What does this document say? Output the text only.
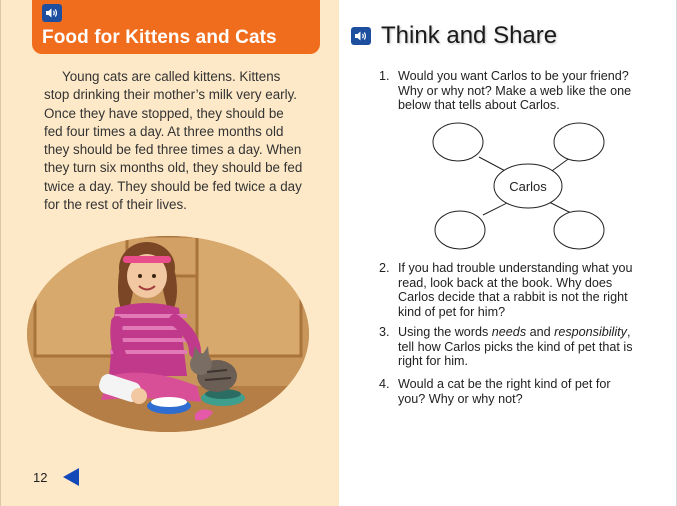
Food for Kittens and Cats

Young cats are called kittens. Kittens stop drinking their mother’s milk very early. Once they have stopped, they should be fed four times a day. At three months old they should be fed three times a day. When they turn six months old, they should be fed twice a day. They should be fed twice a day for the rest of their lives.

12
Think and Share
1. Would you want Carlos to be your friend? Why or why not? Make a web like the one below that tells about Carlos.
Carlos
2. If you had trouble understanding what you read, look back at the book. Why does Carlos decide that a rabbit is not the right kind of pet for him?
3. Using the words needs and responsibility, tell how Carlos picks the kind of pet that is right for him.
4. Would a cat be the right kind of pet for you? Why or why not?
